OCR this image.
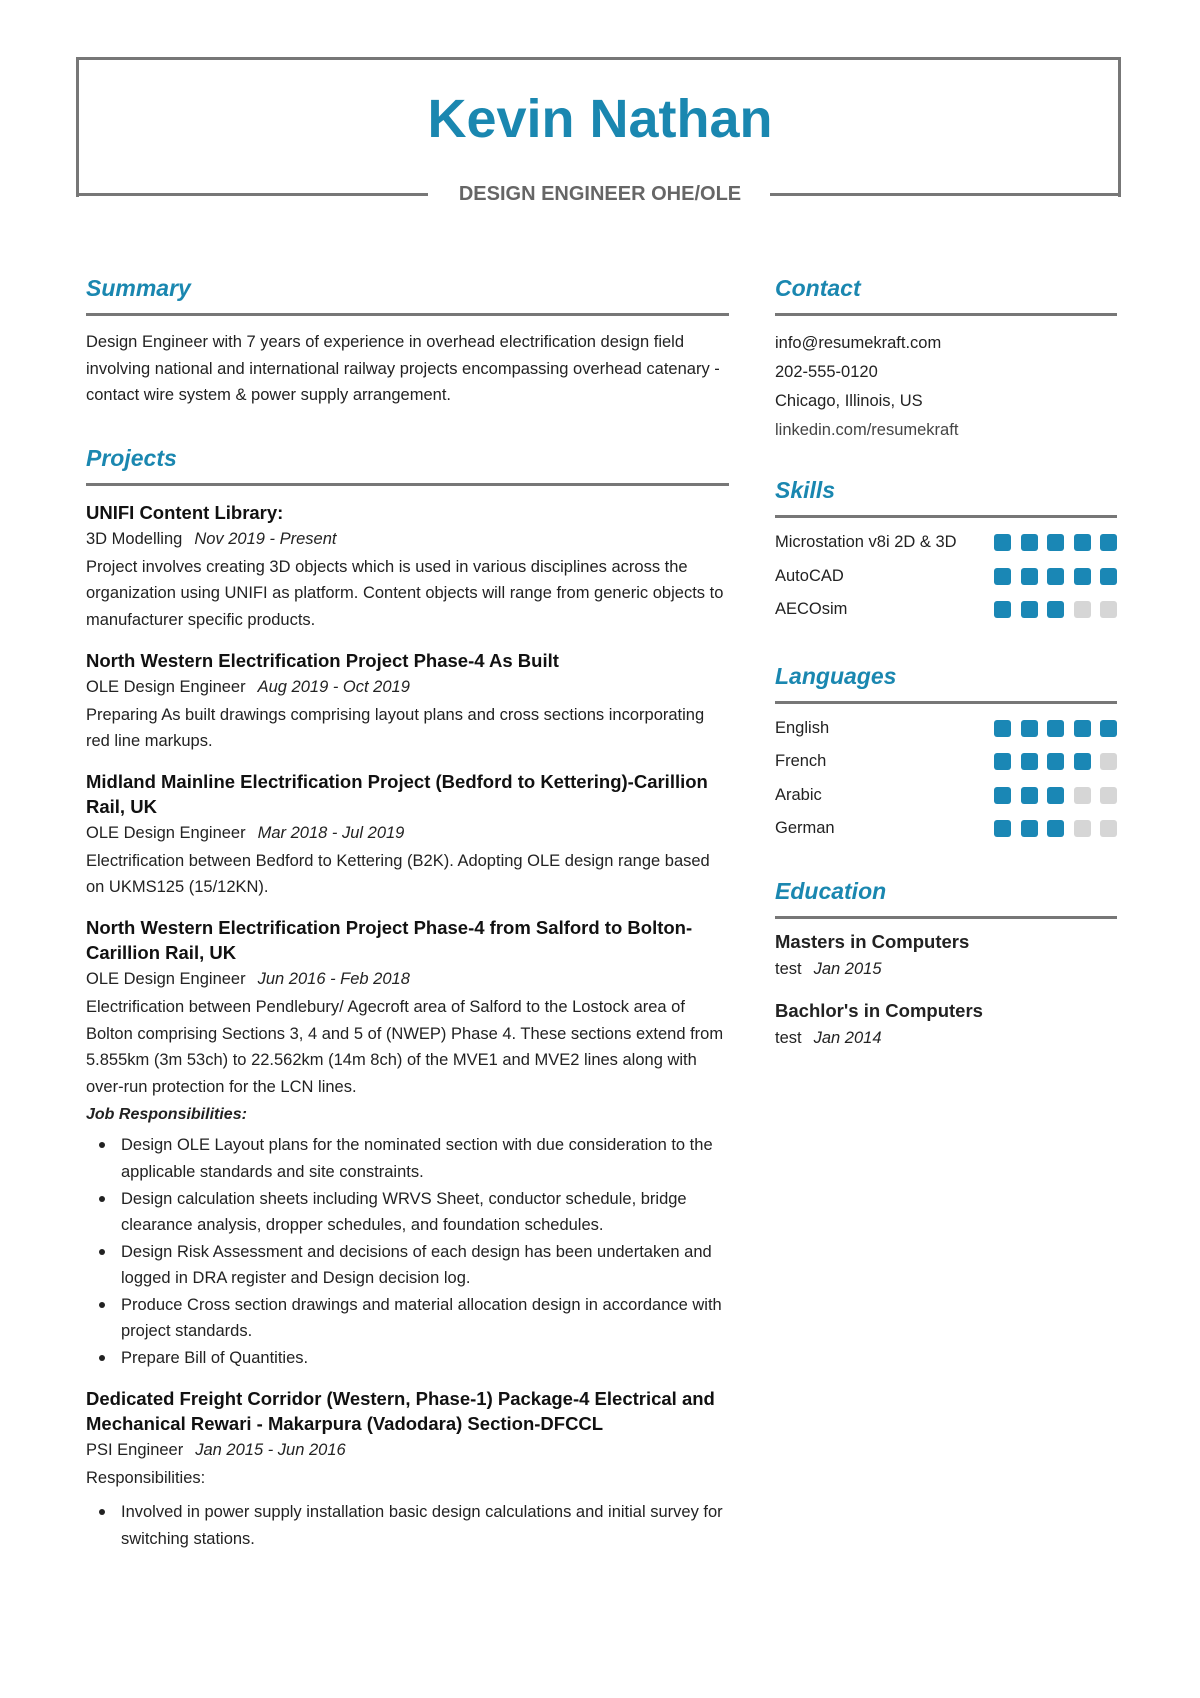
Kevin Nathan
DESIGN ENGINEER OHE/OLE
Summary
Design Engineer with 7 years of experience in overhead electrification design field involving national and international railway projects encompassing overhead catenary - contact wire system & power supply arrangement.
Projects
UNIFI Content Library:
3D Modelling Nov 2019 - Present
Project involves creating 3D objects which is used in various disciplines across the organization using UNIFI as platform. Content objects will range from generic objects to manufacturer specific products.
North Western Electrification Project Phase-4 As Built
OLE Design Engineer Aug 2019 - Oct 2019
Preparing As built drawings comprising layout plans and cross sections incorporating red line markups.
Midland Mainline Electrification Project (Bedford to Kettering)-Carillion Rail, UK
OLE Design Engineer Mar 2018 - Jul 2019
Electrification between Bedford to Kettering (B2K). Adopting OLE design range based on UKMS125 (15/12KN).
North Western Electrification Project Phase-4 from Salford to Bolton-Carillion Rail, UK
OLE Design Engineer Jun 2016 - Feb 2018
Electrification between Pendlebury/ Agecroft area of Salford to the Lostock area of Bolton comprising Sections 3, 4 and 5 of (NWEP) Phase 4. These sections extend from 5.855km (3m 53ch) to 22.562km (14m 8ch) of the MVE1 and MVE2 lines along with over-run protection for the LCN lines.
Job Responsibilities:
Design OLE Layout plans for the nominated section with due consideration to the applicable standards and site constraints.
Design calculation sheets including WRVS Sheet, conductor schedule, bridge clearance analysis, dropper schedules, and foundation schedules.
Design Risk Assessment and decisions of each design has been undertaken and logged in DRA register and Design decision log.
Produce Cross section drawings and material allocation design in accordance with project standards.
Prepare Bill of Quantities.
Dedicated Freight Corridor (Western, Phase-1) Package-4 Electrical and Mechanical Rewari - Makarpura (Vadodara) Section-DFCCL
PSI Engineer Jan 2015 - Jun 2016
Responsibilities:
Involved in power supply installation basic design calculations and initial survey for switching stations.
Contact
info@resumekraft.com
202-555-0120
Chicago, Illinois, US
linkedin.com/resumekraft
Skills
Microstation v8i 2D & 3D
AutoCAD
AECOsim
Languages
English
French
Arabic
German
Education
Masters in Computers
test Jan 2015
Bachlor's in Computers
test Jan 2014
